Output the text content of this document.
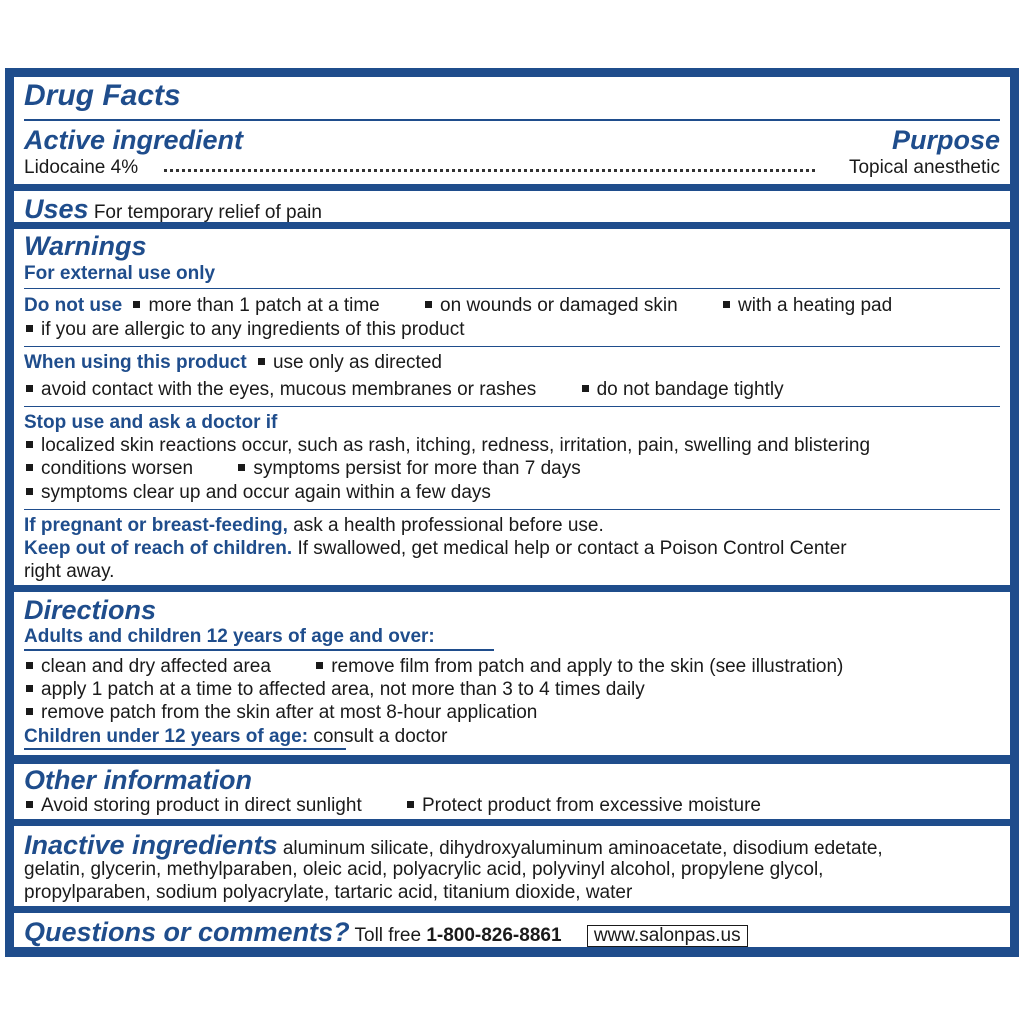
Drug Facts
Active ingredient	Purpose
Lidocaine 4%	Topical anesthetic
Uses For temporary relief of pain
Warnings
For external use only
Do not use more than 1 patch at a time	on wounds or damaged skin	with a heating pad
if you are allergic to any ingredients of this product
When using this product use only as directed
avoid contact with the eyes, mucous membranes or rashes	do not bandage tightly
Stop use and ask a doctor if
localized skin reactions occur, such as rash, itching, redness, irritation, pain, swelling and blistering
conditions worsen	symptoms persist for more than 7 days
symptoms clear up and occur again within a few days
If pregnant or breast-feeding, ask a health professional before use.
Keep out of reach of children. If swallowed, get medical help or contact a Poison Control Center
right away.
Directions
Adults and children 12 years of age and over:
clean and dry affected area	remove film from patch and apply to the skin (see illustration)
apply 1 patch at a time to affected area, not more than 3 to 4 times daily
remove patch from the skin after at most 8-hour application
Children under 12 years of age: consult a doctor
Other information
Avoid storing product in direct sunlight	Protect product from excessive moisture
Inactive ingredients aluminum silicate, dihydroxyaluminum aminoacetate, disodium edetate,
gelatin, glycerin, methylparaben, oleic acid, polyacrylic acid, polyvinyl alcohol, propylene glycol,
propylparaben, sodium polyacrylate, tartaric acid, titanium dioxide, water
Questions or comments? Toll free 1-800-826-8861 www.salonpas.us
